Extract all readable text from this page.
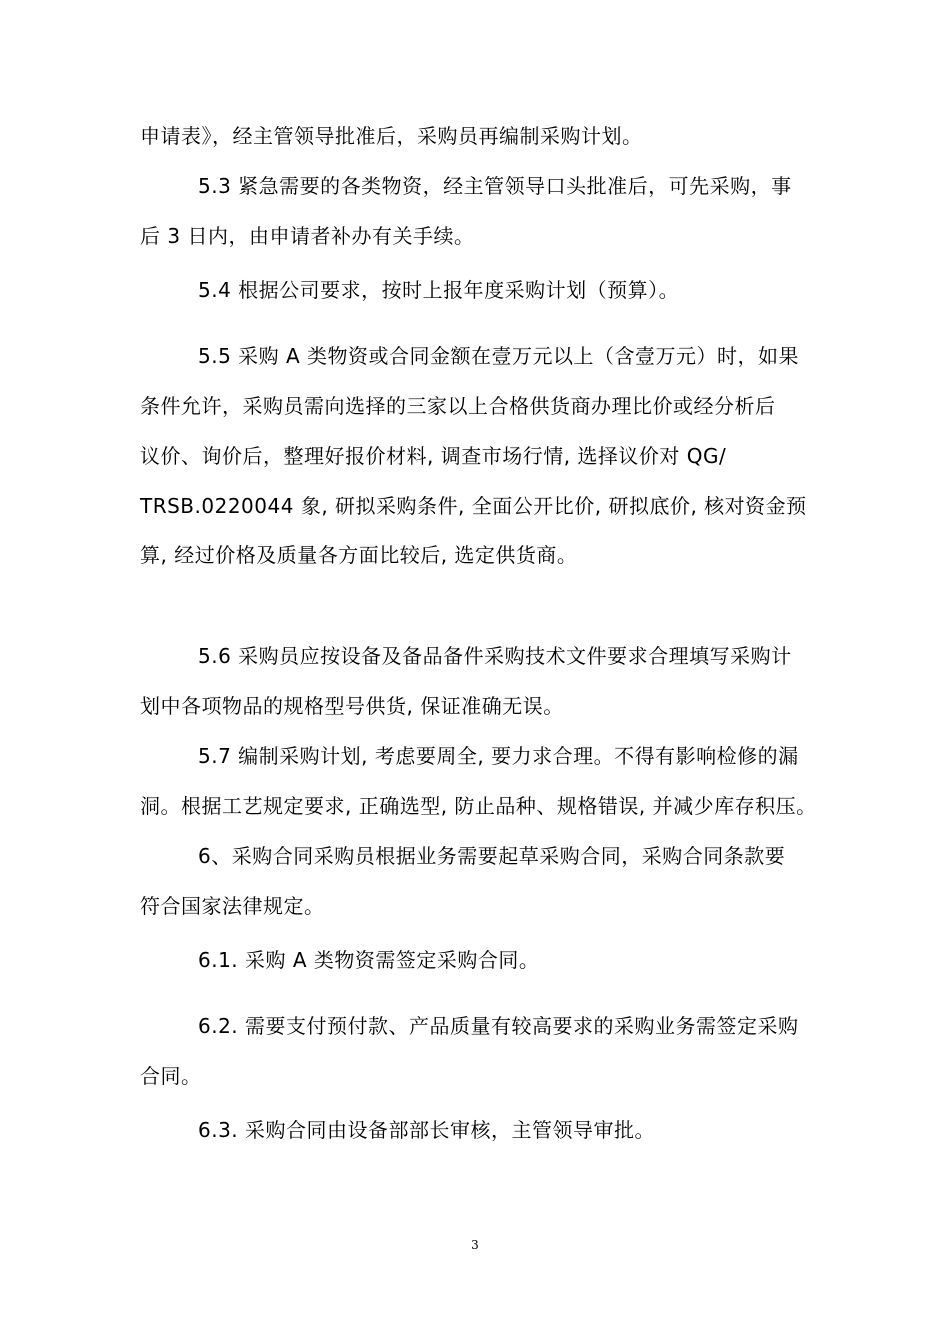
申请表》，经主管领导批准后，采购员再编制采购计划。
5.3 紧急需要的各类物资，经主管领导口头批准后，可先采购，事
后 3 日内，由申请者补办有关手续。
5.4 根据公司要求，按时上报年度采购计划（预算）。
5.5 采购 A 类物资或合同金额在壹万元以上（含壹万元）时，如果
条件允许，采购员需向选择的三家以上合格供货商办理比价或经分析后
议价、询价后，整理好报价材料, 调查市场行情, 选择议价对 QG/
TRSB.0220044 象, 研拟采购条件, 全面公开比价, 研拟底价, 核对资金预
算, 经过价格及质量各方面比较后, 选定供货商。
5.6 采购员应按设备及备品备件采购技术文件要求合理填写采购计
划中各项物品的规格型号供货, 保证准确无误。
5.7 编制采购计划, 考虑要周全, 要力求合理。不得有影响检修的漏
洞。根据工艺规定要求, 正确选型, 防止品种、规格错误, 并减少库存积压。
6、采购合同采购员根据业务需要起草采购合同，采购合同条款要
符合国家法律规定。
6.1. 采购 A 类物资需签定采购合同。
6.2. 需要支付预付款、产品质量有较高要求的采购业务需签定采购
合同。
6.3. 采购合同由设备部部长审核，主管领导审批。
3
